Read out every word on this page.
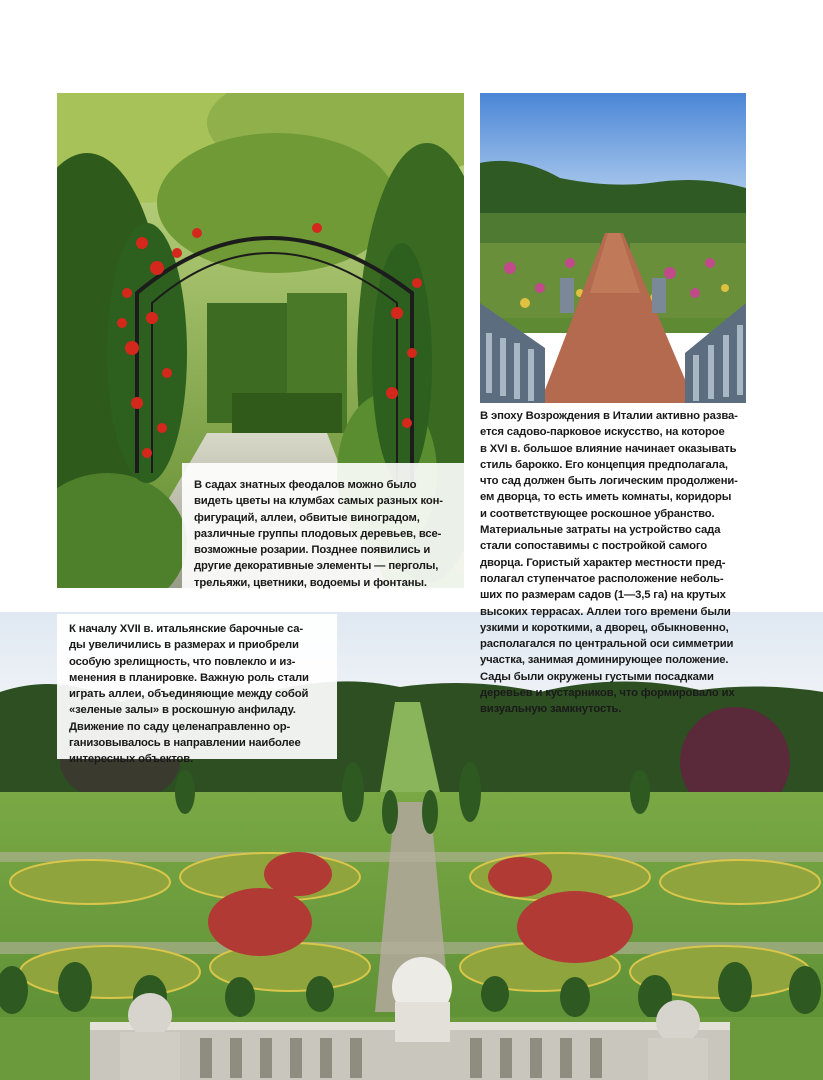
В садах знатных феодалов можно было
видеть цветы на клумбах самых разных кон-
фигураций, аллеи, обвитые виноградом,
различные группы плодовых деревьев, все-
возможные розарии. Позднее появились и
другие декоративные элементы — перголы,
трельяжи, цветники, водоемы и фонтаны.

В эпоху Возрождения в Италии активно разва-
ется садово-парковое искусство, на которое
в XVI в. большое влияние начинает оказывать
стиль барокко. Его концепция предполагала,
что сад должен быть логическим продолжени-
ем дворца, то есть иметь комнаты, коридоры
и соответствующее роскошное убранство.
Материальные затраты на устройство сада
стали сопоставимы с постройкой самого
дворца. Гористый характер местности пред-
полагал ступенчатое расположение неболь-
ших по размерам садов (1—3,5 га) на крутых
высоких террасах. Аллеи того времени были
узкими и короткими, а дворец, обыкновенно,
располагался по центральной оси симметрии
участка, занимая доминирующее положение.
Сады были окружены густыми посадками
деревьев и кустарников, что формировало их
визуальную замкнутость.

К началу XVII в. итальянские барочные са-
ды увеличились в размерах и приобрели
особую зрелищность, что повлекло и из-
менения в планировке. Важную роль стали
играть аллеи, объединяющие между собой
«зеленые залы» в роскошную анфиладу.
Движение по саду целенаправленно ор-
ганизовывалось в направлении наиболее
интересных объектов.
